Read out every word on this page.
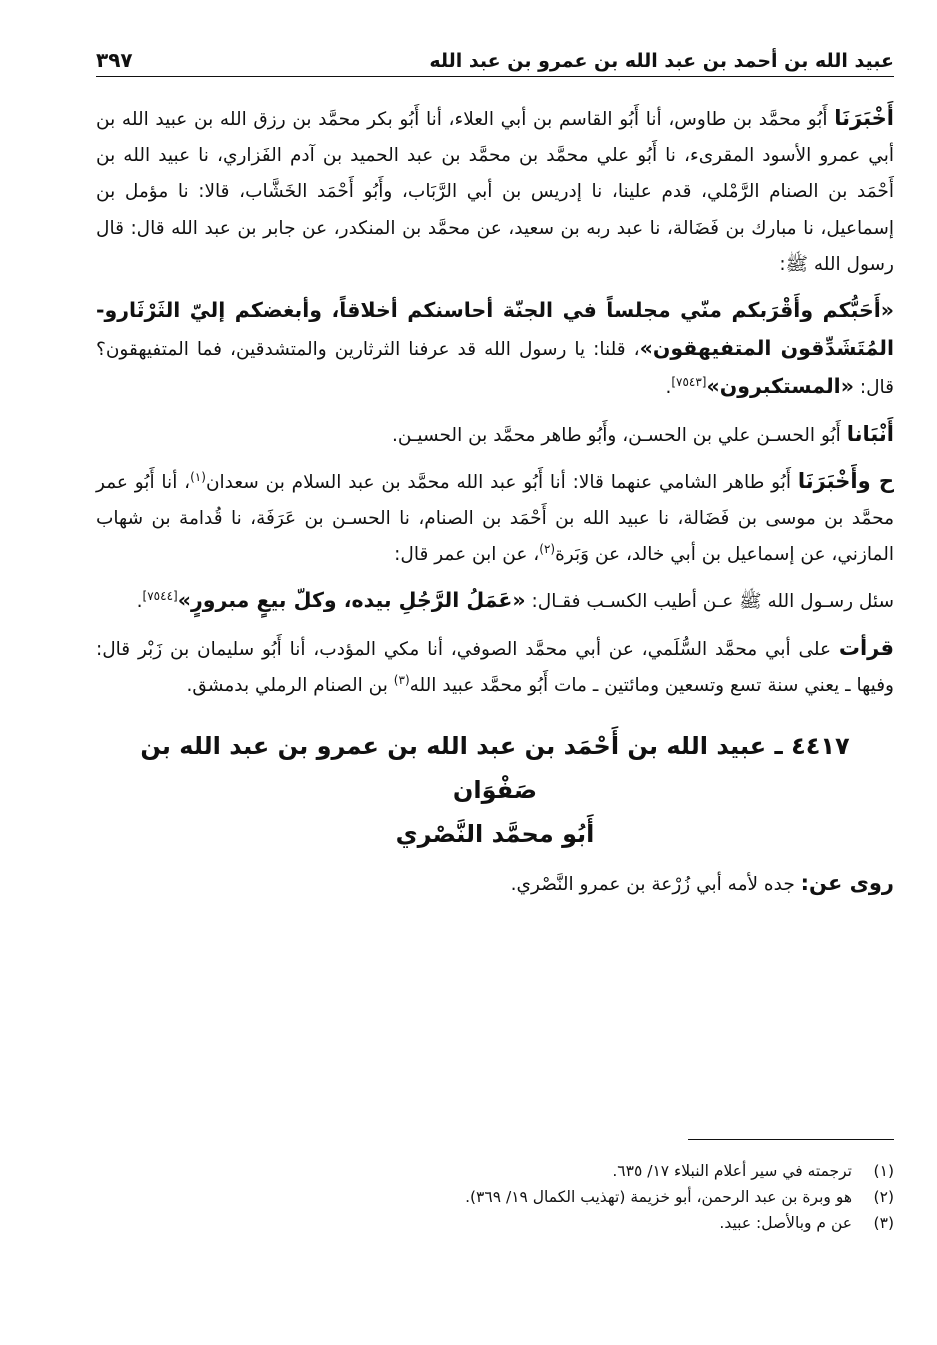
عبيد الله بن أحمد بن عبد الله بن عمرو بن عبد الله
٣٩٧

أَخْبَرَنَا أَبُو محمَّد بن طاوس، أنا أَبُو القاسم بن أبي العلاء، أنا أَبُو بكر محمَّد بن رزق الله بن عبيد الله بن أبي عمرو الأسود المقرىء، نا أَبُو علي محمَّد بن محمَّد بن عبد الحميد بن آدم الفَزاري، نا عبيد الله بن أَحْمَد بن الصنام الرَّمْلي، قدم علينا، نا إدريس بن أبي الرَّبَاب، وأَبُو أَحْمَد الخَشَّاب، قالا: نا مؤمل بن إسماعيل، نا مبارك بن فَضَالة، نا عبد ربه بن سعيد، عن محمَّد بن المنكدر، عن جابر بن عبد الله قال: قال رسول الله ﷺ:

«أَحَبُّكم وأَقْرَبكم منّي مجلساً في الجنّة أحاسنكم أخلاقاً، وأبغضكم إليّ الثَرْثَارو- المُتَشَدِّقون المتفيهقون»، قلنا: يا رسول الله قد عرفنا الثرثارين والمتشدقين، فما المتفيهقون؟ قال: «المستكبرون»[٧٥٤٣].

أَنْبَانا أَبُو الحسـن علي بن الحسـن، وأَبُو طاهر محمَّد بن الحسيـن.

ح وأَخْبَرَنَا أَبُو طاهر الشامي عنهما قالا: أنا أَبُو عبد الله محمَّد بن عبد السلام بن سعدان$^{(١)}$، أنا أَبُو عمر محمَّد بن موسى بن فَضَالة، نا عبيد الله بن أَحْمَد بن الصنام، نا الحسـن بن عَرَفَة، نا قُدامة بن شهاب المازني، عن إسماعيل بن أبي خالد، عن وَبَرة$^{(٢)}$، عن ابن عمر قال:

سئل رسـول الله ﷺ عـن أطيب الكسـب فقـال: «عَمَلُ الرَّجُلِ بيده، وكلّ بيعٍ مبرورٍ»[٧٥٤٤].

قرأت على أبي محمَّد السُّلَمي، عن أبي محمَّد الصوفي، أنا مكي المؤدب، أنا أَبُو سليمان بن زَبْر قال: وفيها ـ يعني سنة تسع وتسعين ومائتين ـ مات أَبُو محمَّد عبيد الله$^{(٣)}$ بن الصنام الرملي بدمشق.

٤٤١٧ ـ عبيد الله بن أَحْمَد بن عبد الله بن عمرو بن عبد الله بن صَفْوَان
أَبُو محمَّد النَّصْري

روى عن: جده لأمه أبي زُرْعة بن عمرو النَّصْري.

(١)
ترجمته في سير أعلام النبلاء ١٧/ ٦٣٥.
(٢)
هو وبرة بن عبد الرحمن، أبو خزيمة (تهذيب الكمال ١٩/ ٣٦٩).
(٣)
عن م وبالأصل: عبيد.
